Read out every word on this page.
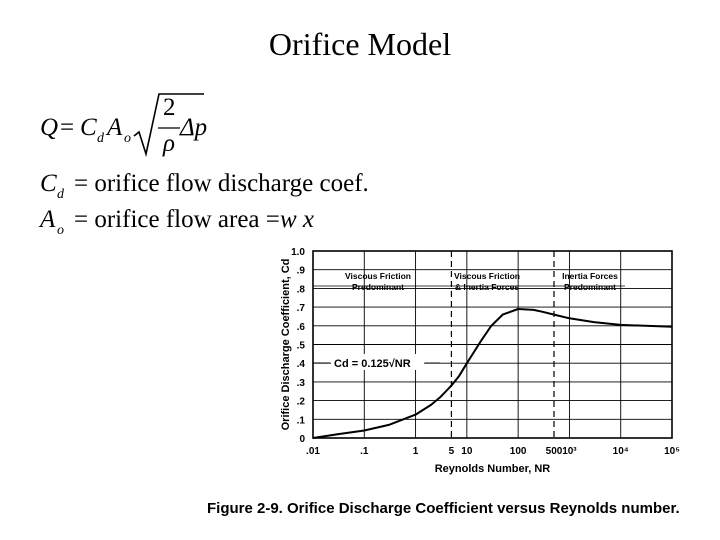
Orifice Model
Q = C d A o
2
ρ
Δp
C d = orifice flow discharge coef.
A o = orifice flow area = w x
Viscous Friction
Predominant
Viscous Friction
& Inertia Forces
Inertia Forces
Predominant
Cd = 0.125√NR
0
.1
.2
.3
.4
.5
.6
.7
.8
.9
1.0
.01	.1	1	5 10	100 500 10³	10⁴	10⁵
Reynolds Number, NR
Orifice Discharge Coefficient, Cd
Figure 2-9. Orifice Discharge Coefficient versus Reynolds number.
